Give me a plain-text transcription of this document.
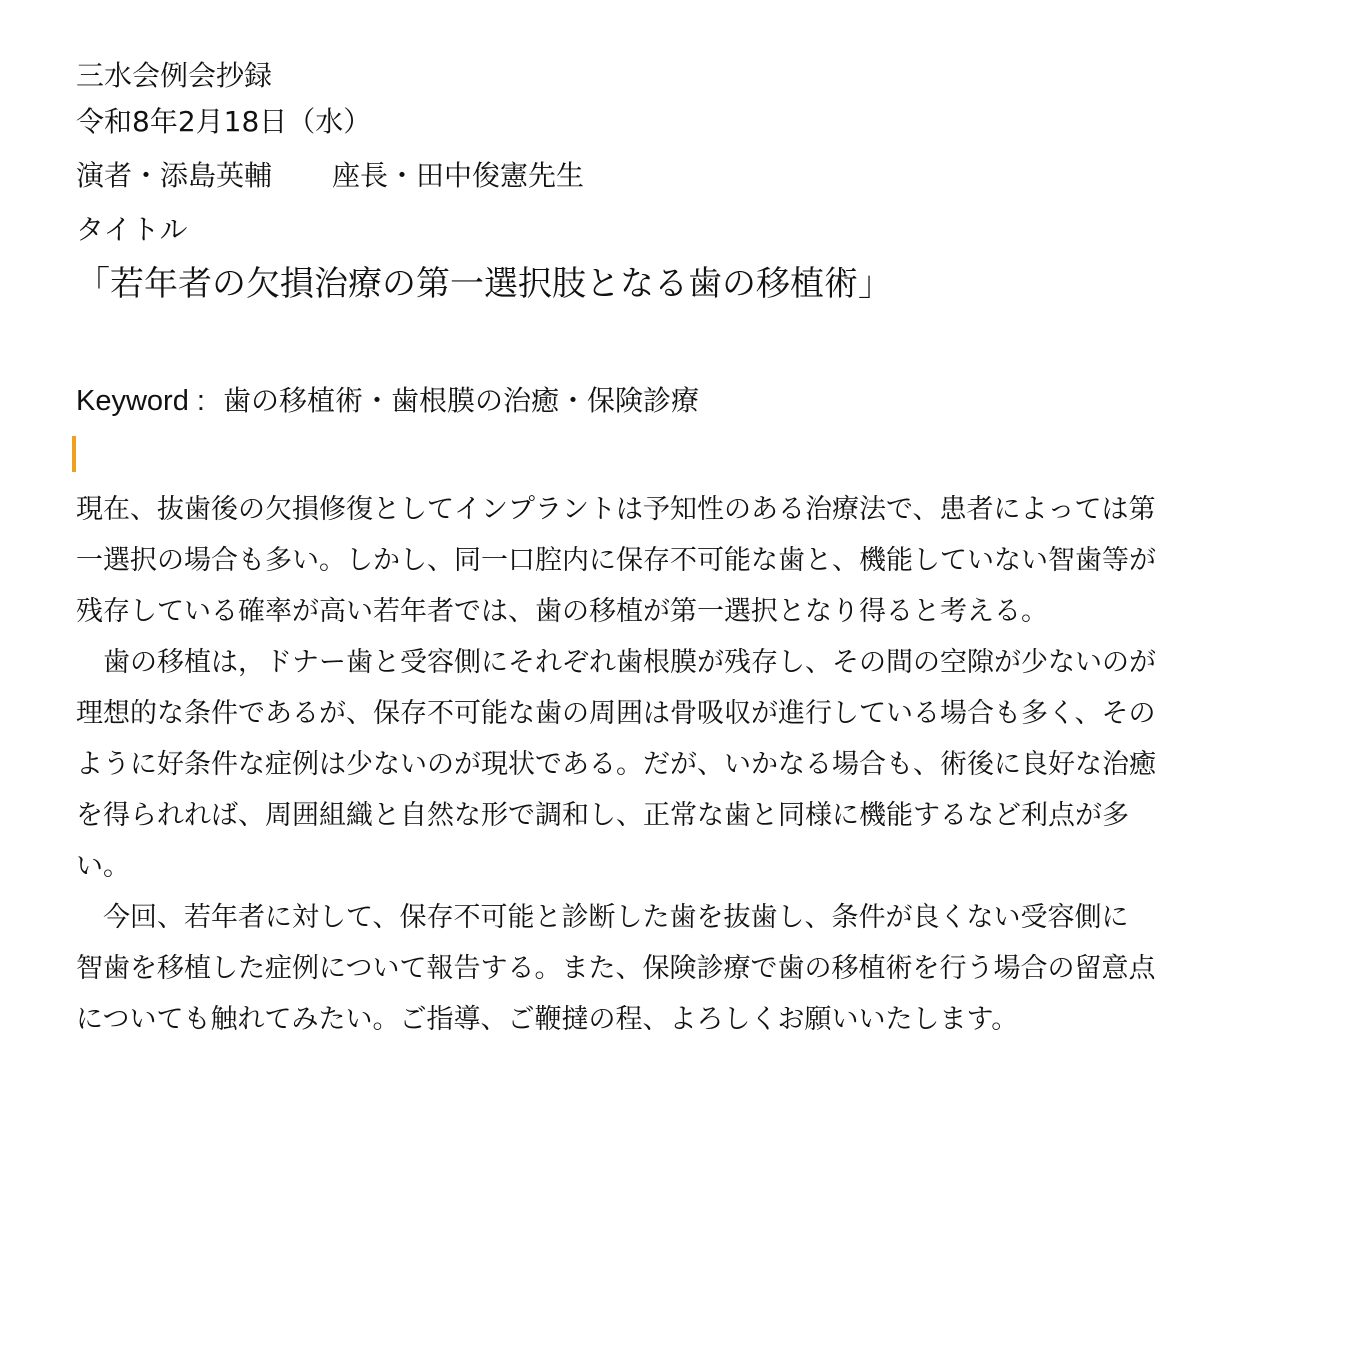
三水会例会抄録

令和8年2月18日（水）

演者・添島英輔 座長・田中俊憲先生

タイトル

「若年者の欠損治療の第一選択肢となる歯の移植術」

Keyword : 歯の移植術・歯根膜の治癒・保険診療

現在、抜歯後の欠損修復としてインプラントは予知性のある治療法で、患者によっては第

一選択の場合も多い。しかし、同一口腔内に保存不可能な歯と、機能していない智歯等が

残存している確率が高い若年者では、歯の移植が第一選択となり得ると考える。

　歯の移植は，ドナー歯と受容側にそれぞれ歯根膜が残存し、その間の空隙が少ないのが

理想的な条件であるが、保存不可能な歯の周囲は骨吸収が進行している場合も多く、その

ように好条件な症例は少ないのが現状である。だが、いかなる場合も、術後に良好な治癒

を得られれば、周囲組織と自然な形で調和し、正常な歯と同様に機能するなど利点が多

い。

　今回、若年者に対して、保存不可能と診断した歯を抜歯し、条件が良くない受容側に

智歯を移植した症例について報告する。また、保険診療で歯の移植術を行う場合の留意点

についても触れてみたい。ご指導、ご鞭撻の程、よろしくお願いいたします。
